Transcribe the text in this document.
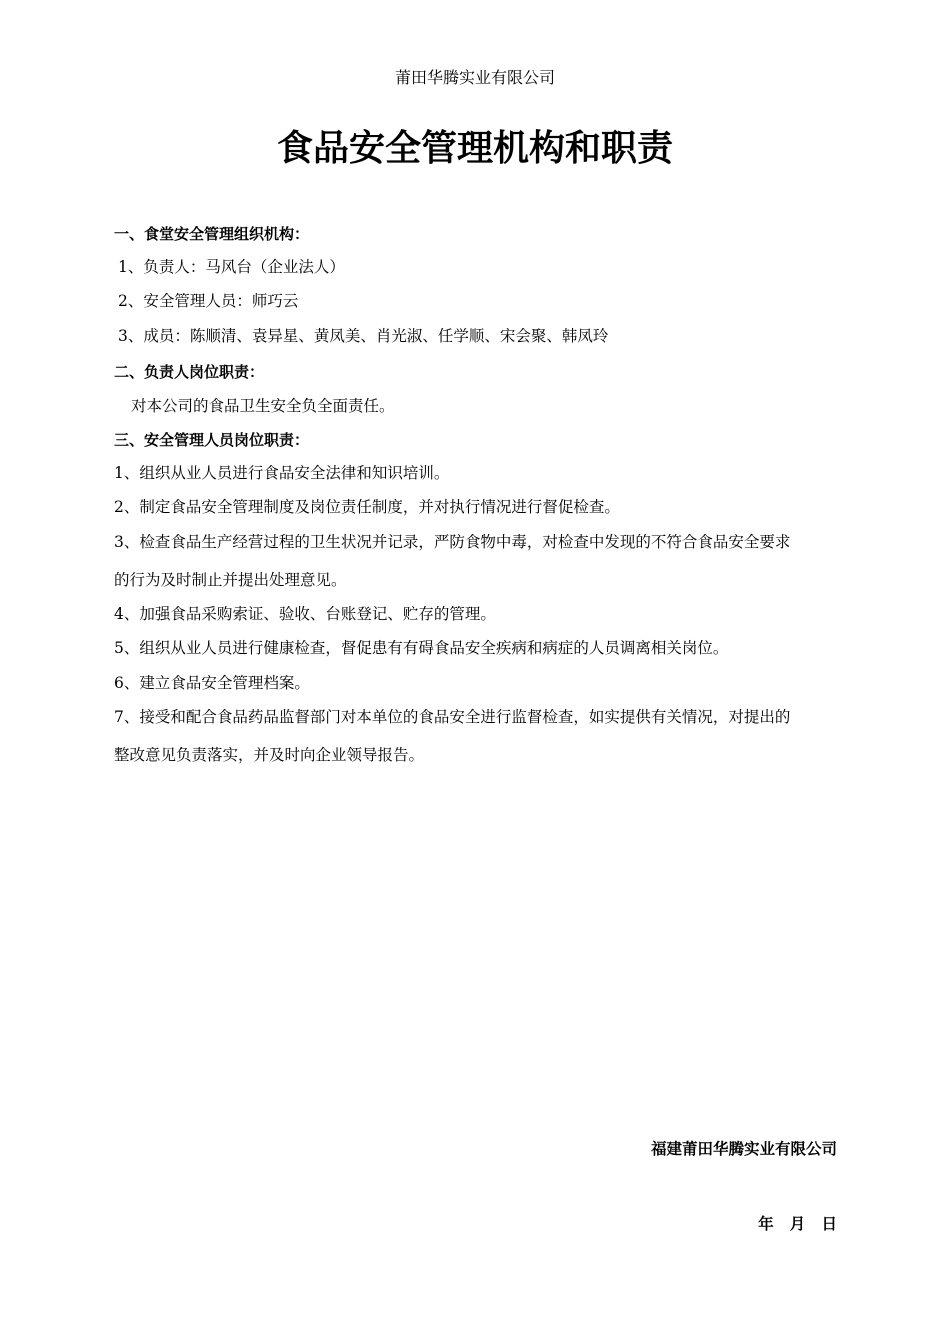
莆田华腾实业有限公司
食品安全管理机构和职责
一、食堂安全管理组织机构：
1、负责人：马风台（企业法人）
2、安全管理人员：师巧云
3、成员：陈顺清、袁异星、黄凤美、肖光淑、任学顺、宋会聚、韩凤玲
二、负责人岗位职责：
对本公司的食品卫生安全负全面责任。
三、安全管理人员岗位职责：
1、组织从业人员进行食品安全法律和知识培训。
2、制定食品安全管理制度及岗位责任制度，并对执行情况进行督促检查。
3、检查食品生产经营过程的卫生状况并记录，严防食物中毒，对检查中发现的不符合食品安全要求
的行为及时制止并提出处理意见。
4、加强食品采购索证、验收、台账登记、贮存的管理。
5、组织从业人员进行健康检查，督促患有有碍食品安全疾病和病症的人员调离相关岗位。
6、建立食品安全管理档案。
7、接受和配合食品药品监督部门对本单位的食品安全进行监督检查，如实提供有关情况，对提出的
整改意见负责落实，并及时向企业领导报告。
福建莆田华腾实业有限公司
年   月   日
